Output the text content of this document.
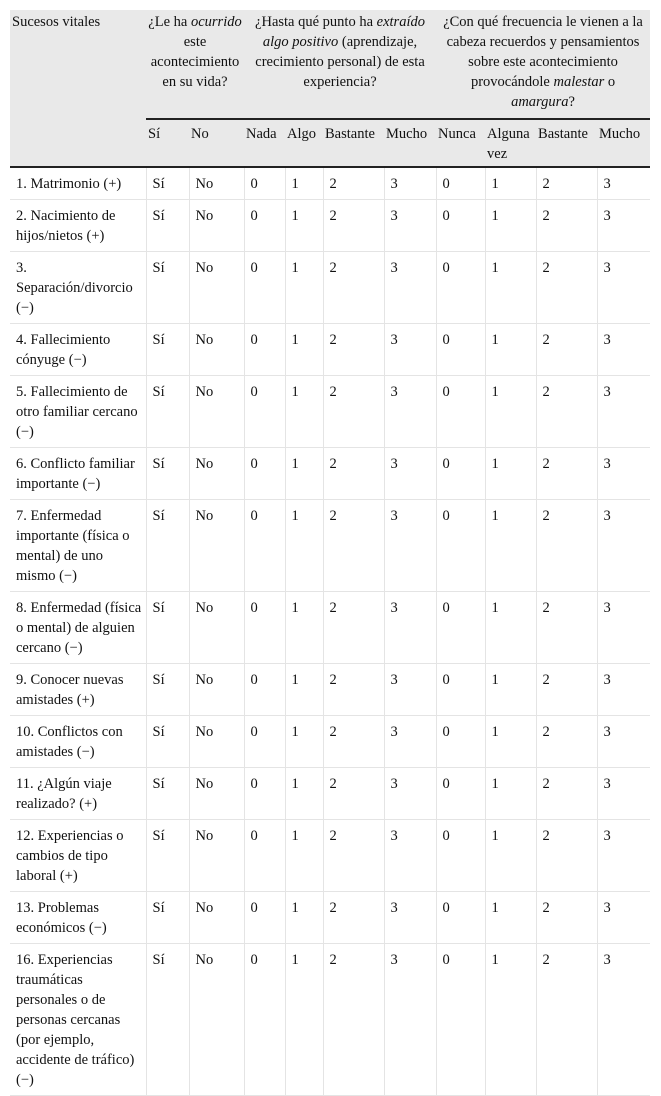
Sucesos vitales	¿Le ha ocurrido este acontecimiento en su vida?		¿Hasta qué punto ha extraído algo positivo (aprendizaje, crecimiento personal) de esta experiencia?				¿Con qué frecuencia le vienen a la cabeza recuerdos y pensamientos sobre este acontecimiento provocándole malestar o amargura?			
	Sí	No	Nada	Algo	Bastante	Mucho	Nunca	Alguna vez	Bastante	Mucho
1. Matrimonio (+)	Sí	No	0	1	2	3	0	1	2	3
2. Nacimiento de hijos/nietos (+)	Sí	No	0	1	2	3	0	1	2	3
3. Separación/divorcio (−)	Sí	No	0	1	2	3	0	1	2	3
4. Fallecimiento cónyuge (−)	Sí	No	0	1	2	3	0	1	2	3
5. Fallecimiento de otro familiar cercano (−)	Sí	No	0	1	2	3	0	1	2	3
6. Conflicto familiar importante (−)	Sí	No	0	1	2	3	0	1	2	3
7. Enfermedad importante (física o mental) de uno mismo (−)	Sí	No	0	1	2	3	0	1	2	3
8. Enfermedad (física o mental) de alguien cercano (−)	Sí	No	0	1	2	3	0	1	2	3
9. Conocer nuevas amistades (+)	Sí	No	0	1	2	3	0	1	2	3
10. Conflictos con amistades (−)	Sí	No	0	1	2	3	0	1	2	3
11. ¿Algún viaje realizado? (+)	Sí	No	0	1	2	3	0	1	2	3
12. Experiencias o cambios de tipo laboral (+)	Sí	No	0	1	2	3	0	1	2	3
13. Problemas económicos (−)	Sí	No	0	1	2	3	0	1	2	3
16. Experiencias traumáticas personales o de personas cercanas (por ejemplo, accidente de tráfico) (−)	Sí	No	0	1	2	3	0	1	2	3
